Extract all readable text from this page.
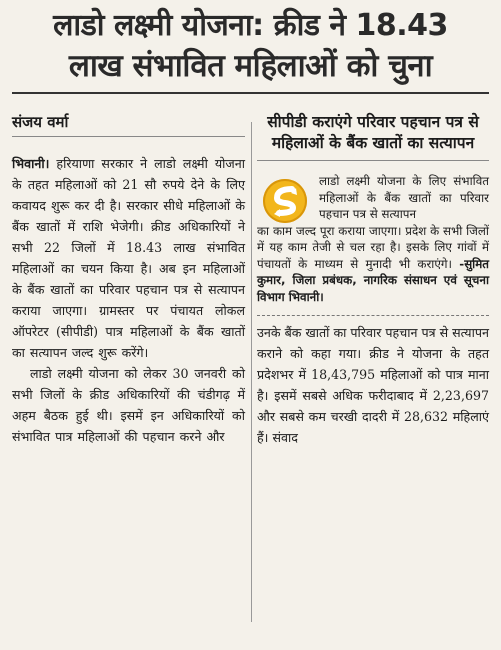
लाडो लक्ष्मी योजना: क्रीड ने 18.43
लाख संभावित महिलाओं को चुना
संजय वर्मा

भिवानी। हरियाणा सरकार ने लाडो लक्ष्मी योजना के तहत महिलाओं को 21 सौ रुपये देने के लिए कवायद शुरू कर दी है। सरकार सीधे महिलाओं के बैंक खातों में राशि भेजेगी। क्रीड अधिकारियों ने सभी 22 जिलों में 18.43 लाख संभावित महिलाओं का चयन किया है। अब इन महिलाओं के बैंक खातों का परिवार पहचान पत्र से सत्यापन कराया जाएगा। ग्रामस्तर पर पंचायत लोकल ऑपरेटर (सीपीडी) पात्र महिलाओं के बैंक खातों का सत्यापन जल्द शुरू करेंगे।

लाडो लक्ष्मी योजना को लेकर 30 जनवरी को सभी जिलों के क्रीड अधिकारियों की चंडीगढ़ में अहम बैठक हुई थी। इसमें इन अधिकारियों को संभावित पात्र महिलाओं की पहचान करने और

सीपीडी कराएंगे परिवार पहचान पत्र से महिलाओं के बैंक खातों का सत्यापन

लाडो लक्ष्मी योजना के लिए संभावित महिलाओं के बैंक खातों का परिवार पहचान पत्र से सत्यापन
का काम जल्द पूरा कराया जाएगा। प्रदेश के सभी जिलों में यह काम तेजी से चल रहा है। इसके लिए गांवों में पंचायतों के माध्यम से मुनादी भी कराएंगे। -सुमित कुमार, जिला प्रबंधक, नागरिक संसाधन एवं सूचना विभाग भिवानी।

उनके बैंक खातों का परिवार पहचान पत्र से सत्यापन कराने को कहा गया। क्रीड ने योजना के तहत प्रदेशभर में 18,43,795 महिलाओं को पात्र माना है। इसमें सबसे अधिक फरीदाबाद में 2,23,697 और सबसे कम चरखी दादरी में 28,632 महिलाएं हैं। संवाद
